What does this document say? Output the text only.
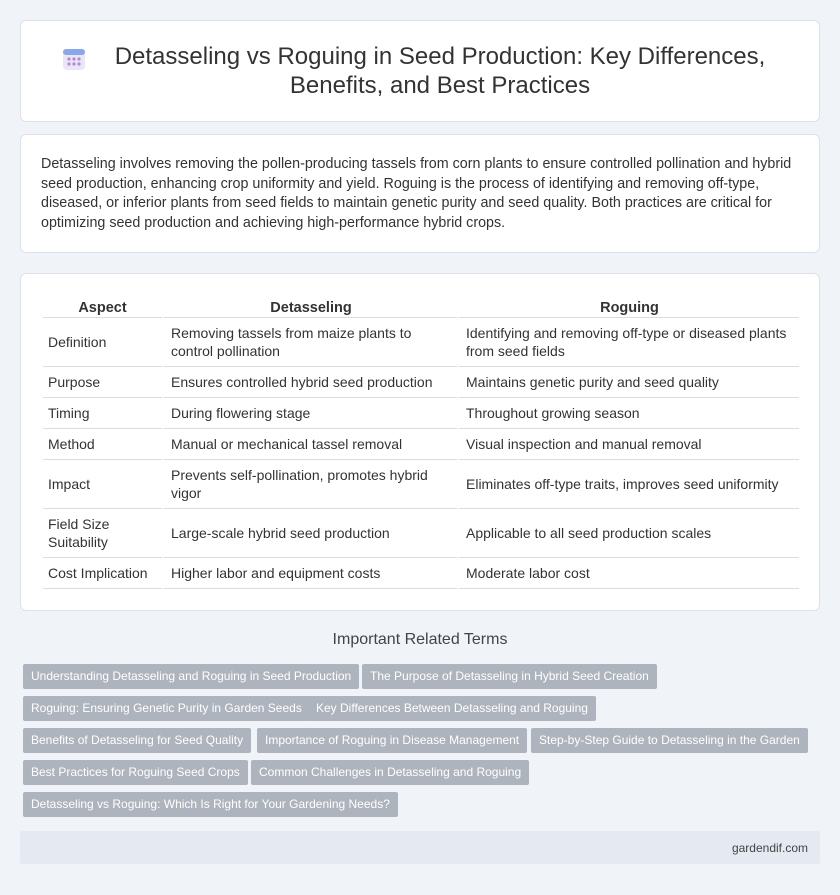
Detasseling vs Roguing in Seed Production: Key Differences, Benefits, and Best Practices

Detasseling involves removing the pollen-producing tassels from corn plants to ensure controlled pollination and hybrid seed production, enhancing crop uniformity and yield. Roguing is the process of identifying and removing off-type, diseased, or inferior plants from seed fields to maintain genetic purity and seed quality. Both practices are critical for optimizing seed production and achieving high-performance hybrid crops.

Aspect	Detasseling	Roguing
Definition	Removing tassels from maize plants to control pollination	Identifying and removing off-type or diseased plants from seed fields
Purpose	Ensures controlled hybrid seed production	Maintains genetic purity and seed quality
Timing	During flowering stage	Throughout growing season
Method	Manual or mechanical tassel removal	Visual inspection and manual removal
Impact	Prevents self-pollination, promotes hybrid vigor	Eliminates off-type traits, improves seed uniformity
Field Size Suitability	Large-scale hybrid seed production	Applicable to all seed production scales
Cost Implication	Higher labor and equipment costs	Moderate labor cost
Important Related Terms
Understanding Detasseling and Roguing in Seed Production	The Purpose of Detasseling in Hybrid Seed Creation
Roguing: Ensuring Genetic Purity in Garden Seeds	Key Differences Between Detasseling and Roguing
Benefits of Detasseling for Seed Quality	Importance of Roguing in Disease Management	Step-by-Step Guide to Detasseling in the Garden
Best Practices for Roguing Seed Crops	Common Challenges in Detasseling and Roguing
Detasseling vs Roguing: Which Is Right for Your Gardening Needs?
gardendif.com
